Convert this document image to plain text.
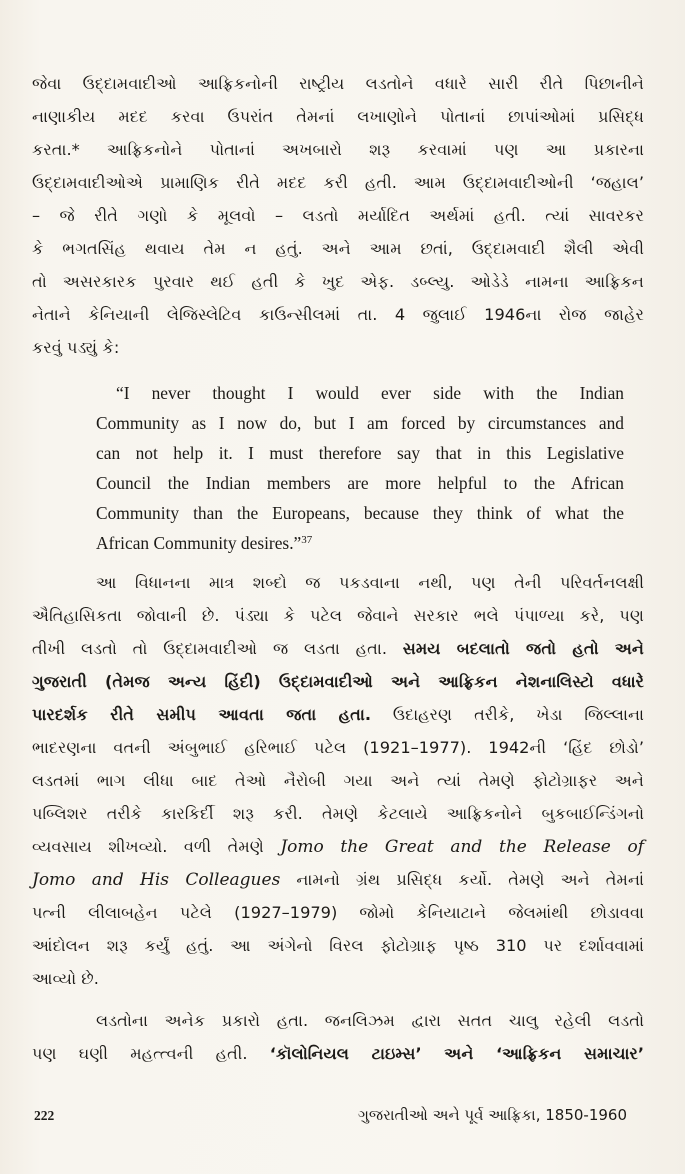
જેવા ઉદ્દામવાદીઓ આફ્રિકનોની રાષ્ટ્રીય લડતોને વધારે સારી રીતે પિછાનીને
નાણાકીય મદદ કરવા ઉપરાંત તેમનાં લખાણોને પોતાનાં છાપાંઓમાં પ્રસિદ્ધ
કરતા.* આફ્રિકનોને પોતાનાં અખબારો શરૂ કરવામાં પણ આ પ્રકારના
ઉદ્દામવાદીઓએ પ્રામાણિક રીતે મદદ કરી હતી. આમ ઉદ્દામવાદીઓની ‘જહાલ’
– જે રીતે ગણો કે મૂલવો – લડતો મર્યાદિત અર્થમાં હતી. ત્યાં સાવરકર
કે ભગતસિંહ થવાય તેમ ન હતું. અને આમ છતાં, ઉદ્દામવાદી શૈલી એવી
તો અસરકારક પુરવાર થઈ હતી કે ખુદ એફ. ડબ્લ્યુ. ઓડેડે નામના આફ્રિકન
નેતાને કેનિયાની લેજિસ્લેટિવ કાઉન્સીલમાં તા. 4 જુલાઈ 1946ના રોજ જાહેર
કરવું પડ્યું કે:
“I never thought I would ever side with the Indian
Community as I now do, but I am forced by circumstances and
can not help it. I must therefore say that in this Legislative
Council the Indian members are more helpful to the African
Community than the Europeans, because they think of what the
African Community desires.”$^{37}$
આ વિધાનના માત્ર શબ્દો જ પકડવાના નથી, પણ તેની પરિવર્તનલક્ષી
ઐતિહાસિકતા જોવાની છે. પંડ્યા કે પટેલ જેવાને સરકાર ભલે પંપાળ્યા કરે, પણ
તીખી લડતો તો ઉદ્દામવાદીઓ જ લડતા હતા. સમય બદલાતો જતો હતો અને
ગુજરાતી (તેમજ અન્ય હિંદી) ઉદ્દામવાદીઓ અને આફ્રિકન નેશનાલિસ્ટો વધારે
પારદર્શક રીતે સમીપ આવતા જતા હતા. ઉદાહરણ તરીકે, ખેડા જિલ્લાના
ભાદરણના વતની અંબુભાઈ હરિભાઈ પટેલ (1921–1977). 1942ની ‘હિંદ છોડો’
લડતમાં ભાગ લીધા બાદ તેઓ નૈરોબી ગયા અને ત્યાં તેમણે ફોટોગ્રાફર અને
પબ્લિશર તરીકે કારકિર્દી શરૂ કરી. તેમણે કેટલાયે આફ્રિકનોને બુકબાઈન્ડિંગનો
વ્યવસાય શીખવ્યો. વળી તેમણે Jomo the Great and the Release of
Jomo and His Colleagues નામનો ગ્રંથ પ્રસિદ્ધ કર્યો. તેમણે અને તેમનાં
પત્ની લીલાબહેન પટેલે (1927–1979) જોમો કેનિયાટાને જેલમાંથી છોડાવવા
આંદોલન શરૂ કર્યું હતું. આ અંગેનો વિરલ ફોટોગ્રાફ પૃષ્ઠ 310 પર દર્શાવવામાં
આવ્યો છે.
લડતોના અનેક પ્રકારો હતા. જનલિઝમ દ્વારા સતત ચાલુ રહેલી લડતો
પણ ઘણી મહત્ત્વની હતી. ‘કૉલોનિયલ ટાઇમ્સ’ અને ‘આફ્રિકન સમાચાર’
222	ગુજરાતીઓ અને પૂર્વ આફ્રિકા, 1850-1960
